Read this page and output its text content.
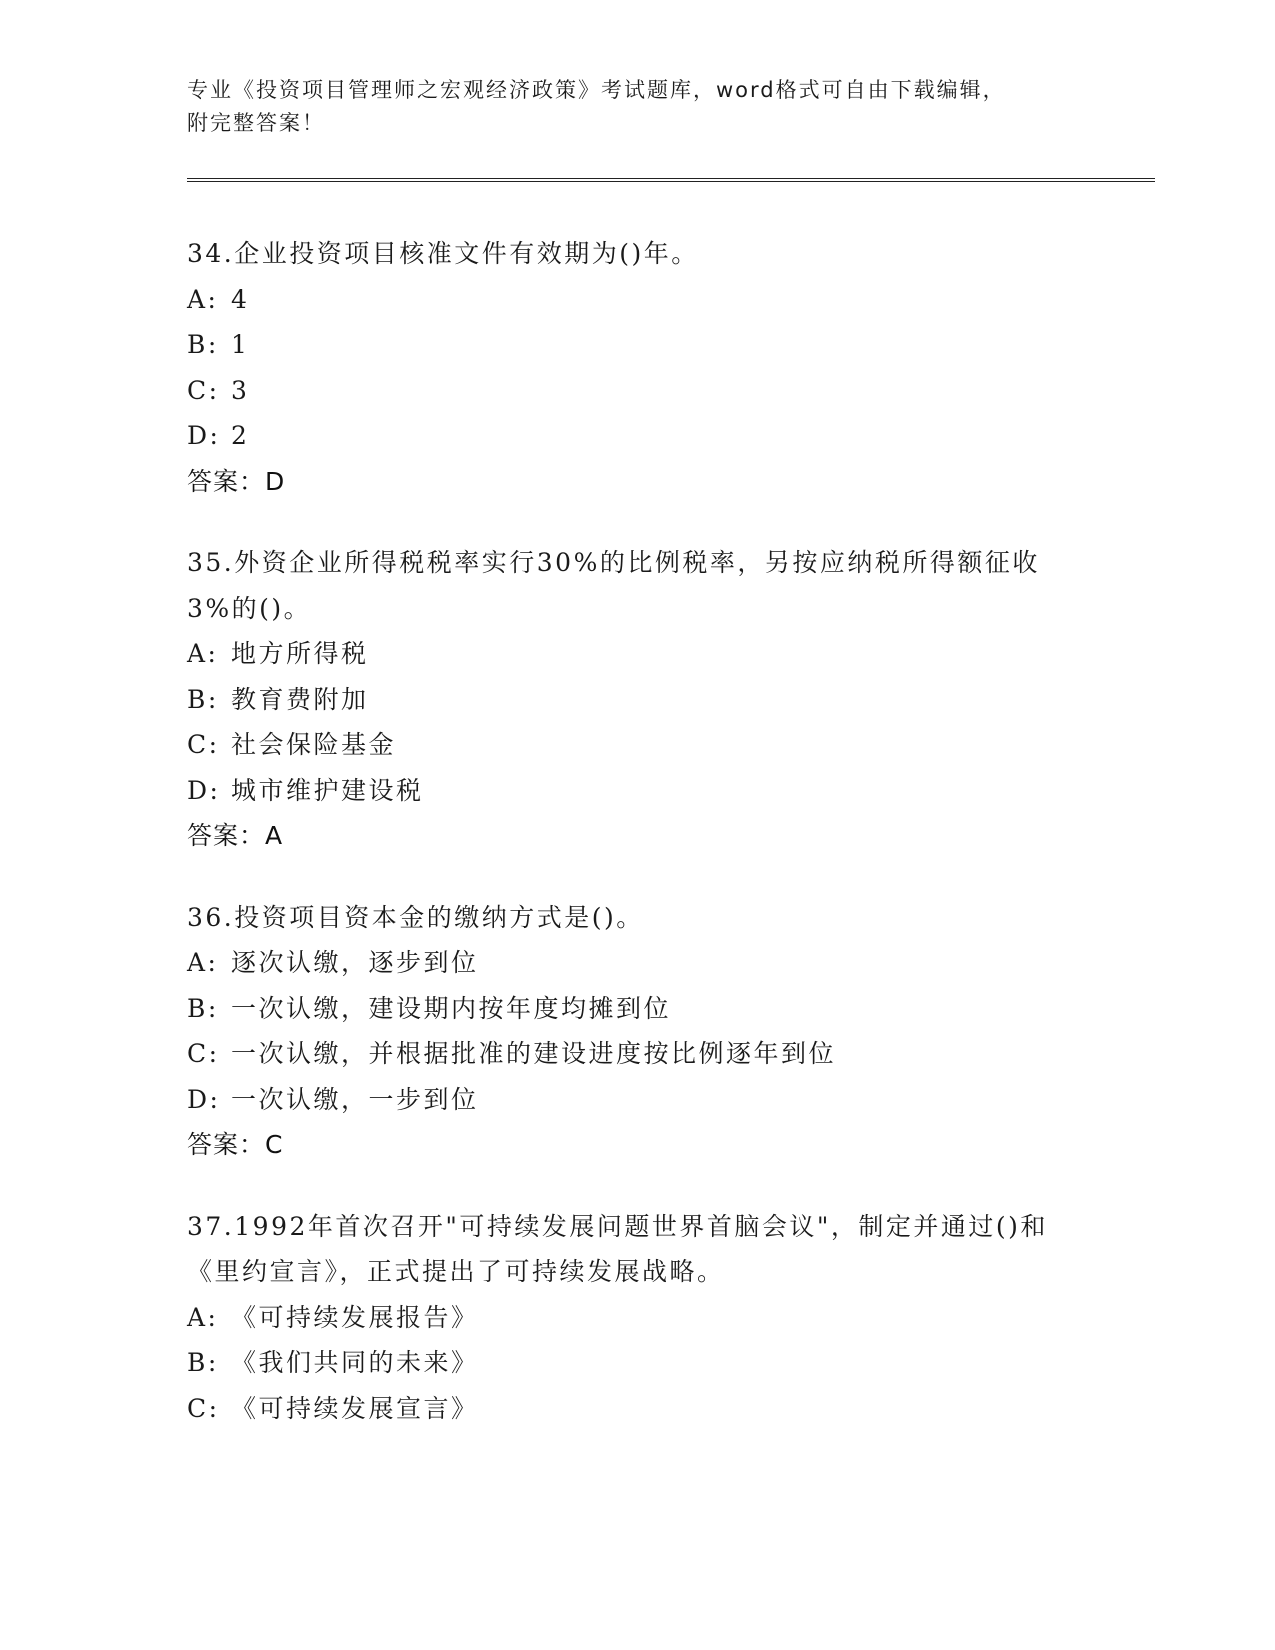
专业《投资项目管理师之宏观经济政策》考试题库，word格式可自由下载编辑，
附完整答案！
34.企业投资项目核准文件有效期为()年。
A: 4
B: 1
C: 3
D: 2
答案：D
35.外资企业所得税税率实行30%的比例税率，另按应纳税所得额征收
3%的()。
A: 地方所得税
B: 教育费附加
C: 社会保险基金
D: 城市维护建设税
答案：A
36.投资项目资本金的缴纳方式是()。
A: 逐次认缴，逐步到位
B: 一次认缴，建设期内按年度均摊到位
C: 一次认缴，并根据批准的建设进度按比例逐年到位
D: 一次认缴，一步到位
答案：C
37.1992年首次召开"可持续发展问题世界首脑会议"，制定并通过()和
《里约宣言》，正式提出了可持续发展战略。
A: 《可持续发展报告》
B: 《我们共同的未来》
C: 《可持续发展宣言》
